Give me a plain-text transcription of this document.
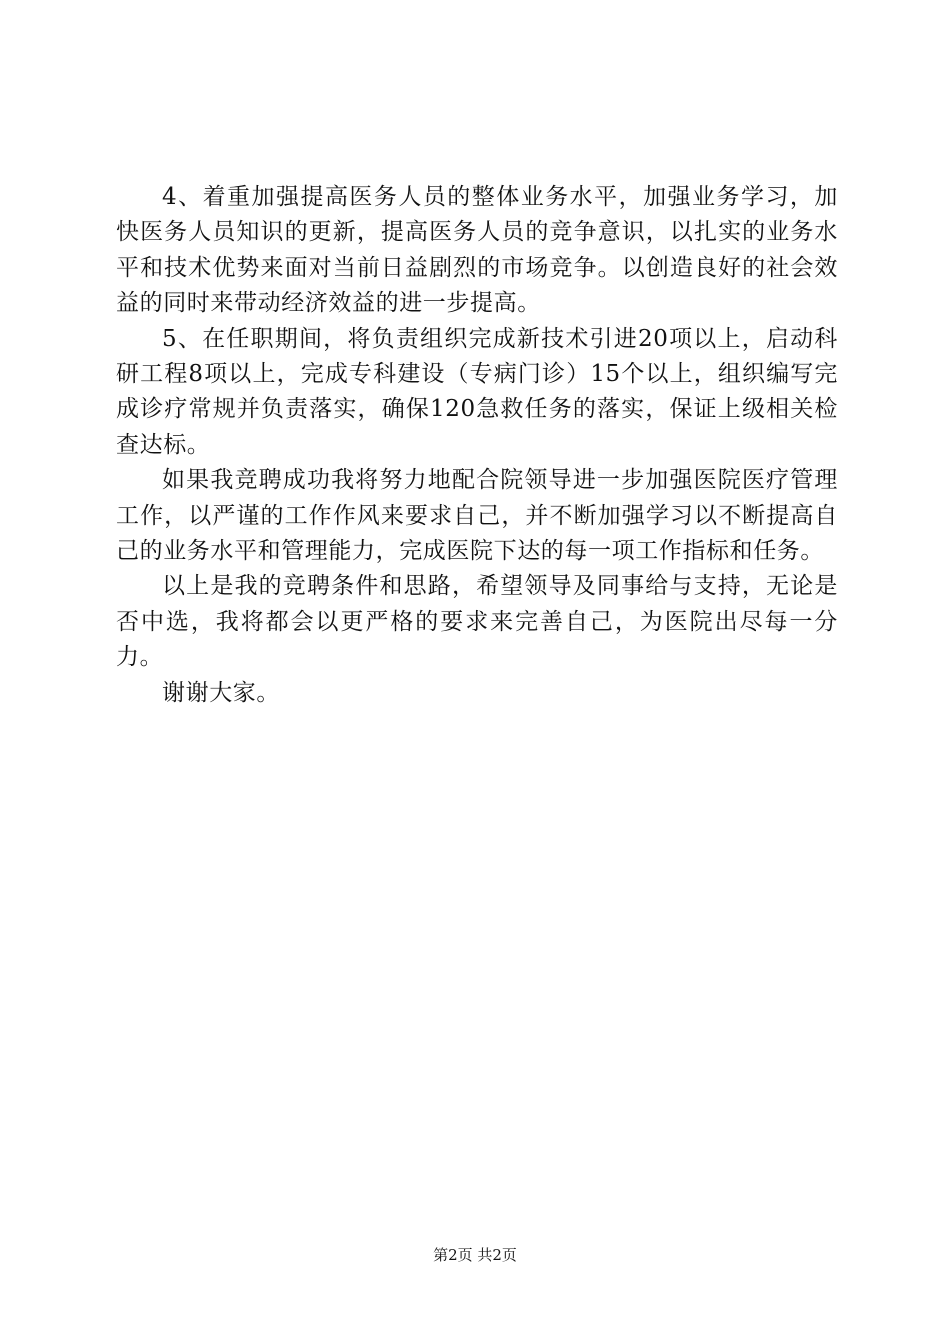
4、着重加强提高医务人员的整体业务水平，加强业务学习，加快医务人员知识的更新，提高医务人员的竞争意识，以扎实的业务水平和技术优势来面对当前日益剧烈的市场竞争。以创造良好的社会效益的同时来带动经济效益的进一步提高。

5、在任职期间，将负责组织完成新技术引进20项以上，启动科研工程8项以上，完成专科建设（专病门诊）15个以上，组织编写完成诊疗常规并负责落实，确保120急救任务的落实，保证上级相关检查达标。

如果我竞聘成功我将努力地配合院领导进一步加强医院医疗管理工作，以严谨的工作作风来要求自己，并不断加强学习以不断提高自己的业务水平和管理能力，完成医院下达的每一项工作指标和任务。

以上是我的竞聘条件和思路，希望领导及同事给与支持，无论是否中选，我将都会以更严格的要求来完善自己，为医院出尽每一分力。

谢谢大家。

第2页 共2页
